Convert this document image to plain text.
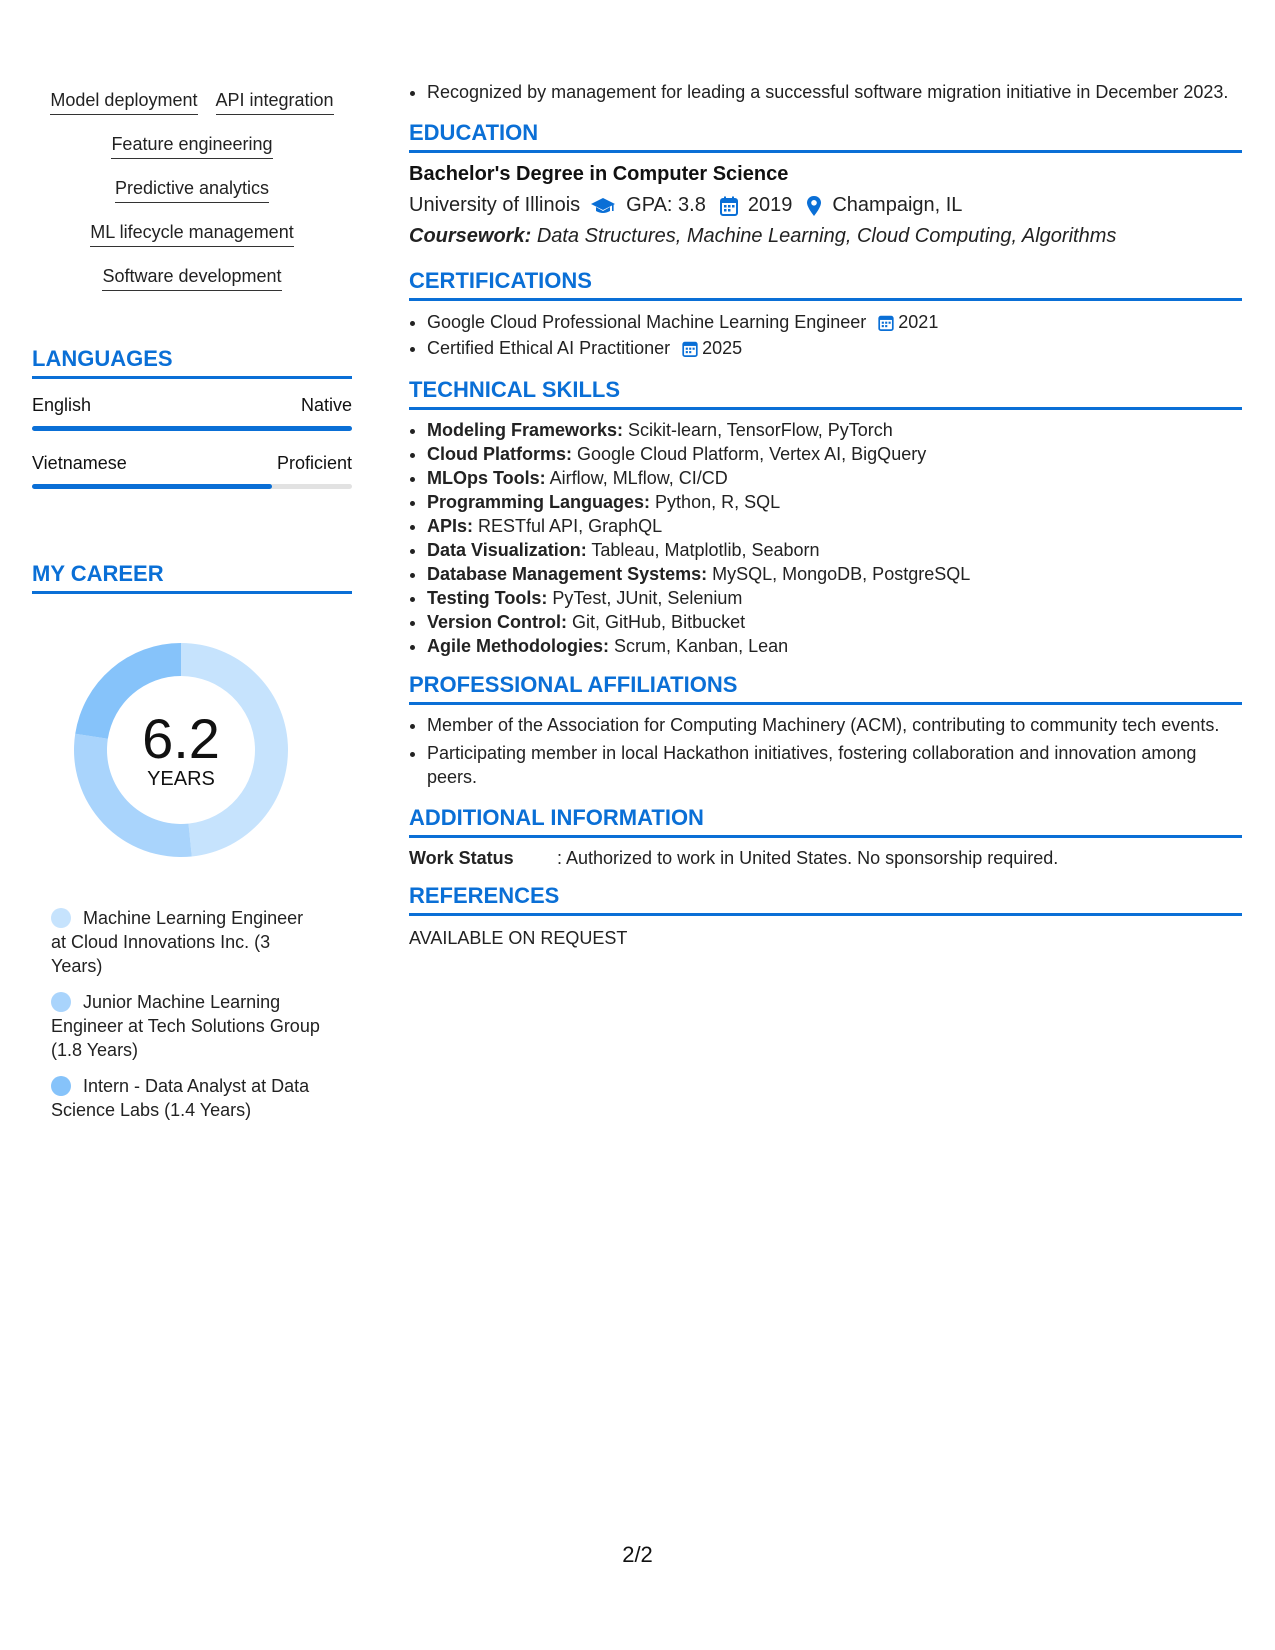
Model deployment API integration
Feature engineering
Predictive analytics
ML lifecycle management
Software development
LANGUAGES
English	Native
Vietnamese	Proficient
MY CAREER
6.2
YEARS
Machine Learning Engineer at Cloud Innovations Inc. (3 Years)
Junior Machine Learning Engineer at Tech Solutions Group (1.8 Years)
Intern - Data Analyst at Data Science Labs (1.4 Years)
• Recognized by management for leading a successful software migration initiative in December 2023.
EDUCATION
Bachelor's Degree in Computer Science
University of Illinois GPA: 3.8 2019 Champaign, IL
Coursework: Data Structures, Machine Learning, Cloud Computing, Algorithms
CERTIFICATIONS
• Google Cloud Professional Machine Learning Engineer 2021
• Certified Ethical AI Practitioner 2025
TECHNICAL SKILLS
• Modeling Frameworks: Scikit-learn, TensorFlow, PyTorch
• Cloud Platforms: Google Cloud Platform, Vertex AI, BigQuery
• MLOps Tools: Airflow, MLflow, CI/CD
• Programming Languages: Python, R, SQL
• APIs: RESTful API, GraphQL
• Data Visualization: Tableau, Matplotlib, Seaborn
• Database Management Systems: MySQL, MongoDB, PostgreSQL
• Testing Tools: PyTest, JUnit, Selenium
• Version Control: Git, GitHub, Bitbucket
• Agile Methodologies: Scrum, Kanban, Lean
PROFESSIONAL AFFILIATIONS
• Member of the Association for Computing Machinery (ACM), contributing to community tech events.
• Participating member in local Hackathon initiatives, fostering collaboration and innovation among peers.
ADDITIONAL INFORMATION
Work Status	: Authorized to work in United States. No sponsorship required.
REFERENCES
AVAILABLE ON REQUEST
2/2
